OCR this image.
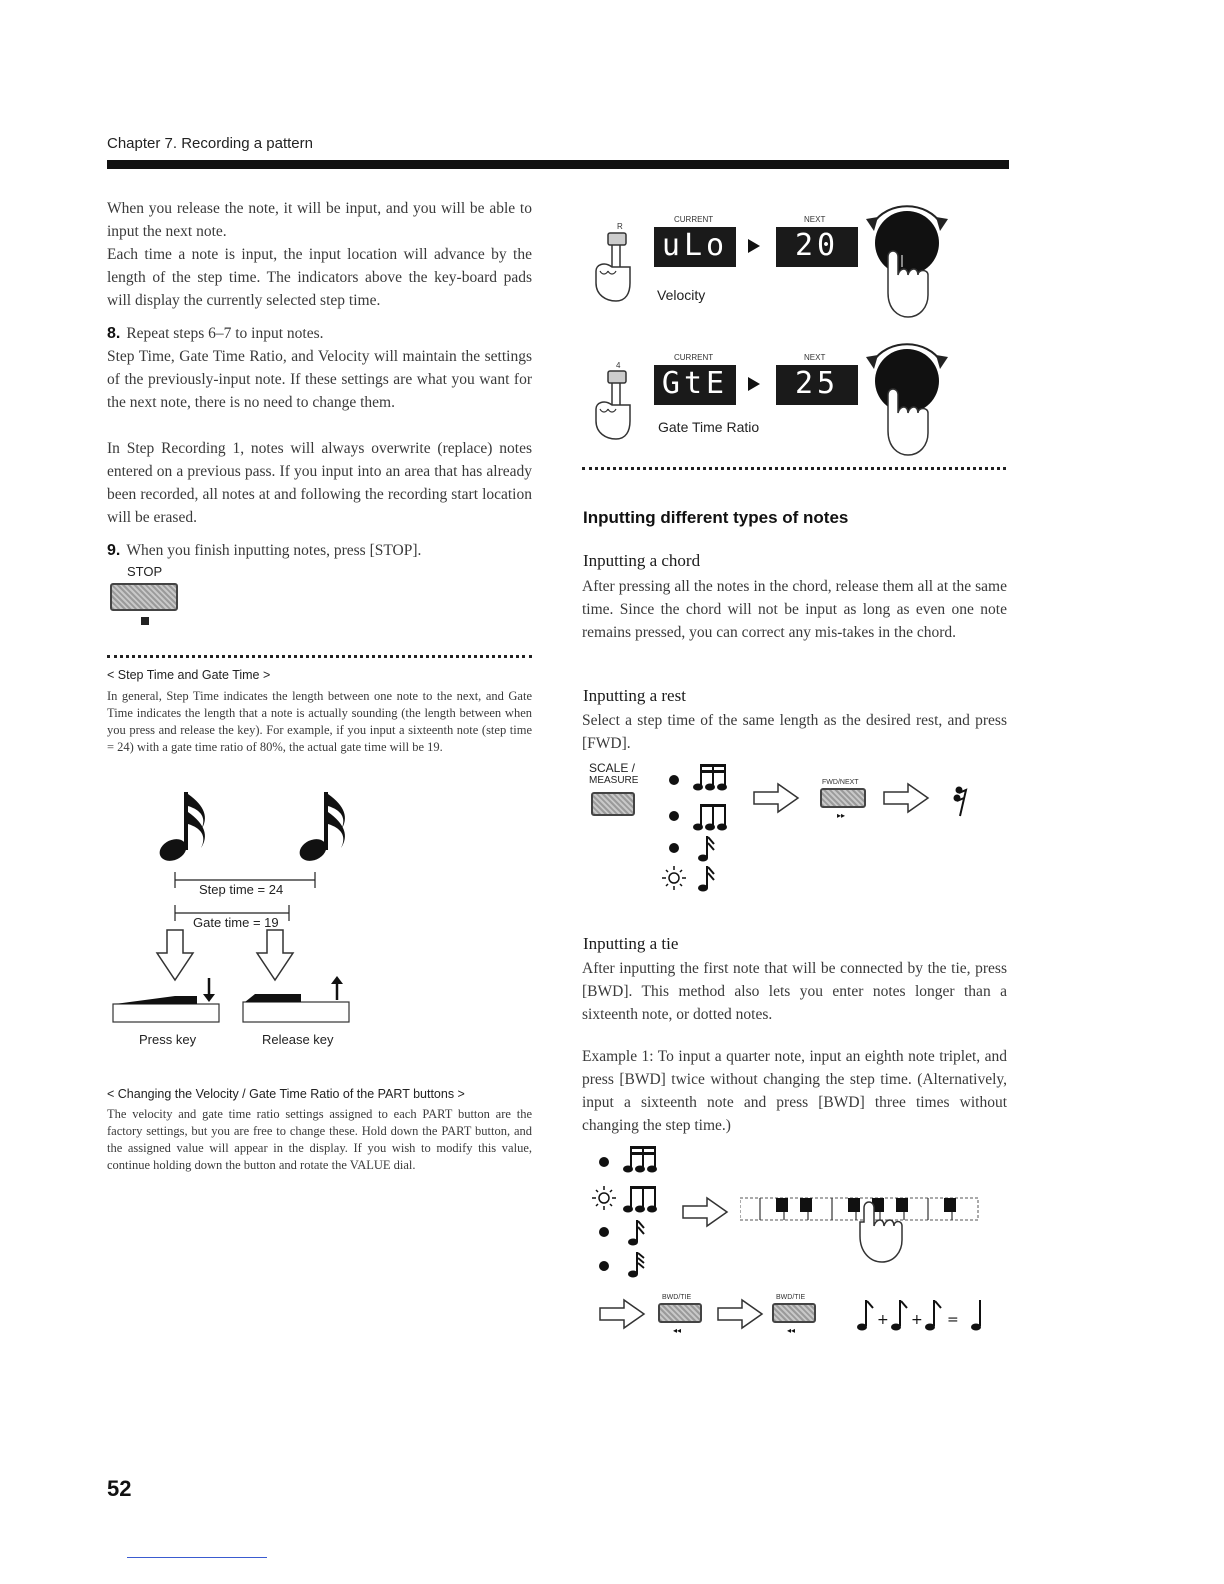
Chapter 7. Recording a pattern
When you release the note, it will be input, and you will be able to input the next note.
Each time a note is input, the input location will advance by the length of the step time. The indicators above the key-board pads will display the currently selected step time.
8. Repeat steps 6–7 to input notes.
Step Time, Gate Time Ratio, and Velocity will maintain the settings of the previously-input note. If these settings are what you want for the next note, there is no need to change them.
In Step Recording 1, notes will always overwrite (replace) notes entered on a previous pass. If you input into an area that has already been recorded, all notes at and following the recording start location will be erased.
9. When you finish inputting notes, press [STOP].
STOP
< Step Time and Gate Time >
In general, Step Time indicates the length between one note to the next, and Gate Time indicates the length that a note is actually sounding (the length between when you press and release the key). For example, if you input a sixteenth note (step time = 24) with a gate time ratio of 80%, the actual gate time will be 19.
Step time = 24
Gate time = 19
Press key	Release key
< Changing the Velocity / Gate Time Ratio of the PART buttons >
The velocity and gate time ratio settings assigned to each PART button are the factory settings, but you are free to change these. Hold down the PART button, and the assigned value will appear in the display. If you wish to modify this value, continue holding down the button and rotate the VALUE dial.
R
CURRENT
uLo
NEXT
20
Velocity
4
CURRENT
GtE
NEXT
25
Gate Time Ratio
Inputting different types of notes
Inputting a chord
After pressing all the notes in the chord, release them all at the same time. Since the chord will not be input as long as even one note remains pressed, you can correct any mis-takes in the chord.
Inputting a rest
Select a step time of the same length as the desired rest, and press [FWD].
SCALE /
MEASURE	FWD/NEXT
▸▸
Inputting a tie
After inputting the first note that will be connected by the tie, press [BWD]. This method also lets you enter notes longer than a sixteenth note, or dotted notes.
Example 1: To input a quarter note, input an eighth note triplet, and press [BWD] twice without changing the step time. (Alternatively, input a sixteenth note and press [BWD] three times without changing the step time.)
BWD/TIE
◂◂
BWD/TIE
◂◂
+ + =
52
